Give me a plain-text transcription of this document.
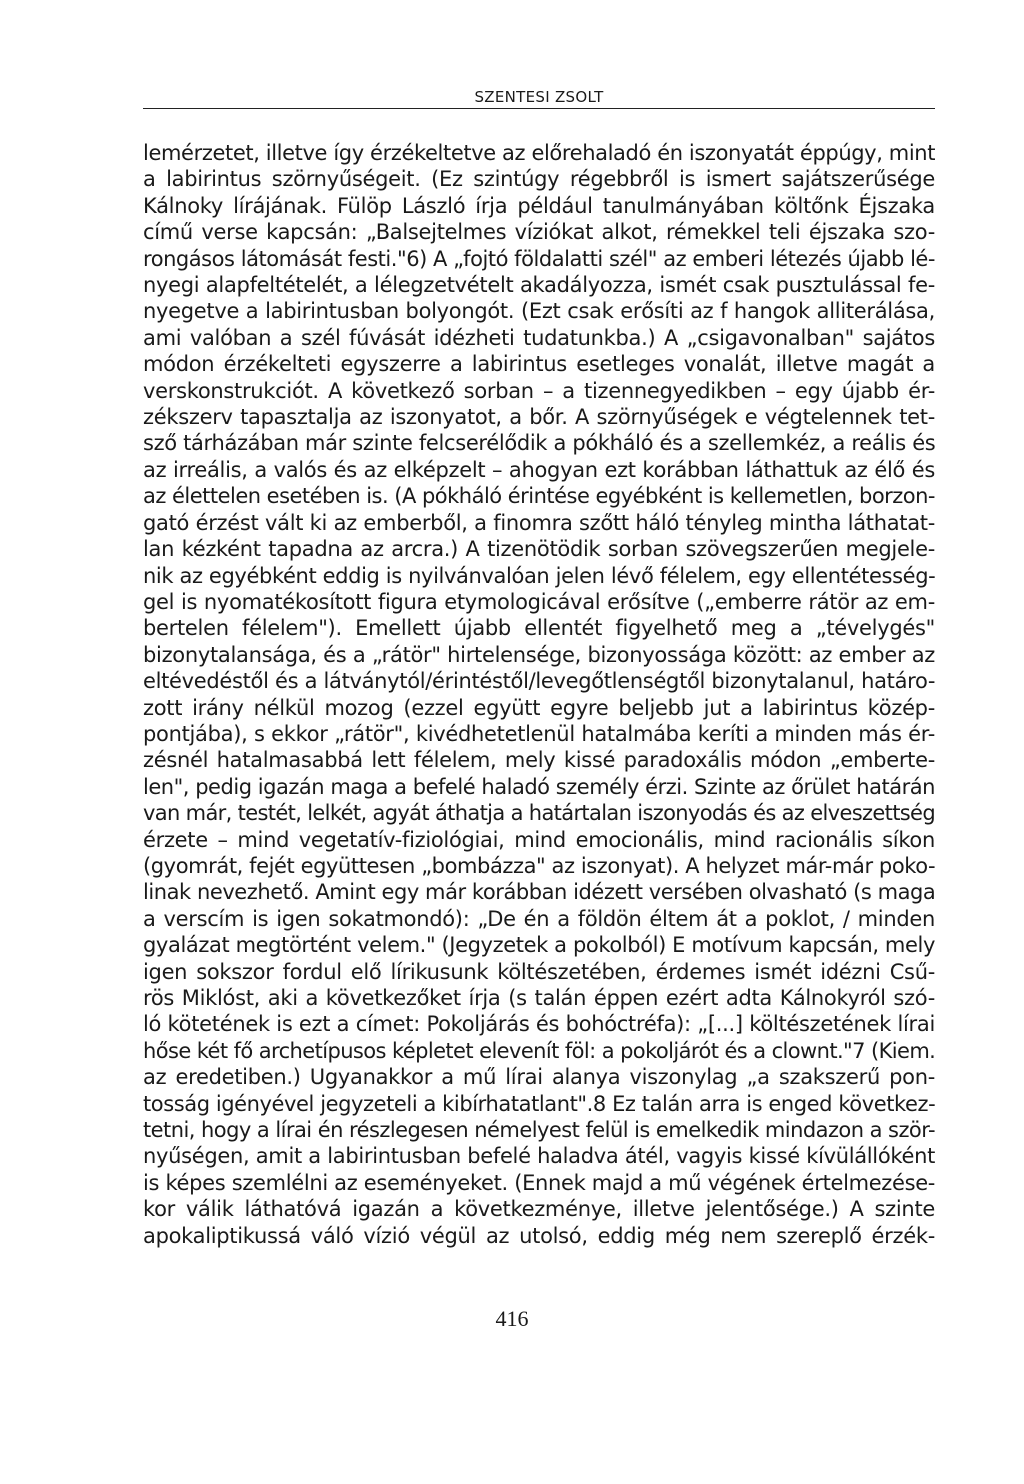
SZENTESI ZSOLT
lemérzetet, illetve így érzékeltetve az előrehaladó én iszonyatát éppúgy, mint
a labirintus szörnyűségeit. (Ez szintúgy régebbről is ismert sajátszerűsége
Kálnoky lírájának. Fülöp László írja például tanulmányában költőnk Éjszaka
című verse kapcsán: „Balsejtelmes víziókat alkot, rémekkel teli éjszaka szo-
rongásos látomását festi."6) A „fojtó földalatti szél" az emberi létezés újabb lé-
nyegi alapfeltételét, a lélegzetvételt akadályozza, ismét csak pusztulással fe-
nyegetve a labirintusban bolyongót. (Ezt csak erősíti az f hangok alliterálása,
ami valóban a szél fúvását idézheti tudatunkba.) A „csigavonalban" sajátos
módon érzékelteti egyszerre a labirintus esetleges vonalát, illetve magát a
verskonstrukciót. A következő sorban – a tizennegyedikben – egy újabb ér-
zékszerv tapasztalja az iszonyatot, a bőr. A szörnyűségek e végtelennek tet-
sző tárházában már szinte felcserélődik a pókháló és a szellemkéz, a reális és
az irreális, a valós és az elképzelt – ahogyan ezt korábban láthattuk az élő és
az élettelen esetében is. (A pókháló érintése egyébként is kellemetlen, borzon-
gató érzést vált ki az emberből, a finomra szőtt háló tényleg mintha láthatat-
lan kézként tapadna az arcra.) A tizenötödik sorban szövegszerűen megjele-
nik az egyébként eddig is nyilvánvalóan jelen lévő félelem, egy ellentétesség-
gel is nyomatékosított figura etymologicával erősítve („emberre rátör az em-
bertelen félelem"). Emellett újabb ellentét figyelhető meg a „tévelygés"
bizonytalansága, és a „rátör" hirtelensége, bizonyossága között: az ember az
eltévedéstől és a látványtól/érintéstől/levegőtlenségtől bizonytalanul, határo-
zott irány nélkül mozog (ezzel együtt egyre beljebb jut a labirintus közép-
pontjába), s ekkor „rátör", kivédhetetlenül hatalmába keríti a minden más ér-
zésnél hatalmasabbá lett félelem, mely kissé paradoxális módon „emberte-
len", pedig igazán maga a befelé haladó személy érzi. Szinte az őrület határán
van már, testét, lelkét, agyát áthatja a határtalan iszonyodás és az elveszettség
érzete – mind vegetatív-fiziológiai, mind emocionális, mind racionális síkon
(gyomrát, fejét együttesen „bombázza" az iszonyat). A helyzet már-már poko-
linak nevezhető. Amint egy már korábban idézett versében olvasható (s maga
a verscím is igen sokatmondó): „De én a földön éltem át a poklot, / minden
gyalázat megtörtént velem." (Jegyzetek a pokolból) E motívum kapcsán, mely
igen sokszor fordul elő lírikusunk költészetében, érdemes ismét idézni Csű-
rös Miklóst, aki a következőket írja (s talán éppen ezért adta Kálnokyról szó-
ló kötetének is ezt a címet: Pokoljárás és bohóctréfa): „[...] költészetének lírai
hőse két fő archetípusos képletet elevenít föl: a pokoljárót és a clownt."7 (Kiem.
az eredetiben.) Ugyanakkor a mű lírai alanya viszonylag „a szakszerű pon-
tosság igényével jegyzeteli a kibírhatatlant".8 Ez talán arra is enged következ-
tetni, hogy a lírai én részlegesen némelyest felül is emelkedik mindazon a ször-
nyűségen, amit a labirintusban befelé haladva átél, vagyis kissé kívülállóként
is képes szemlélni az eseményeket. (Ennek majd a mű végének értelmezése-
kor válik láthatóvá igazán a következménye, illetve jelentősége.) A szinte
apokaliptikussá váló vízió végül az utolsó, eddig még nem szereplő érzék-
416
